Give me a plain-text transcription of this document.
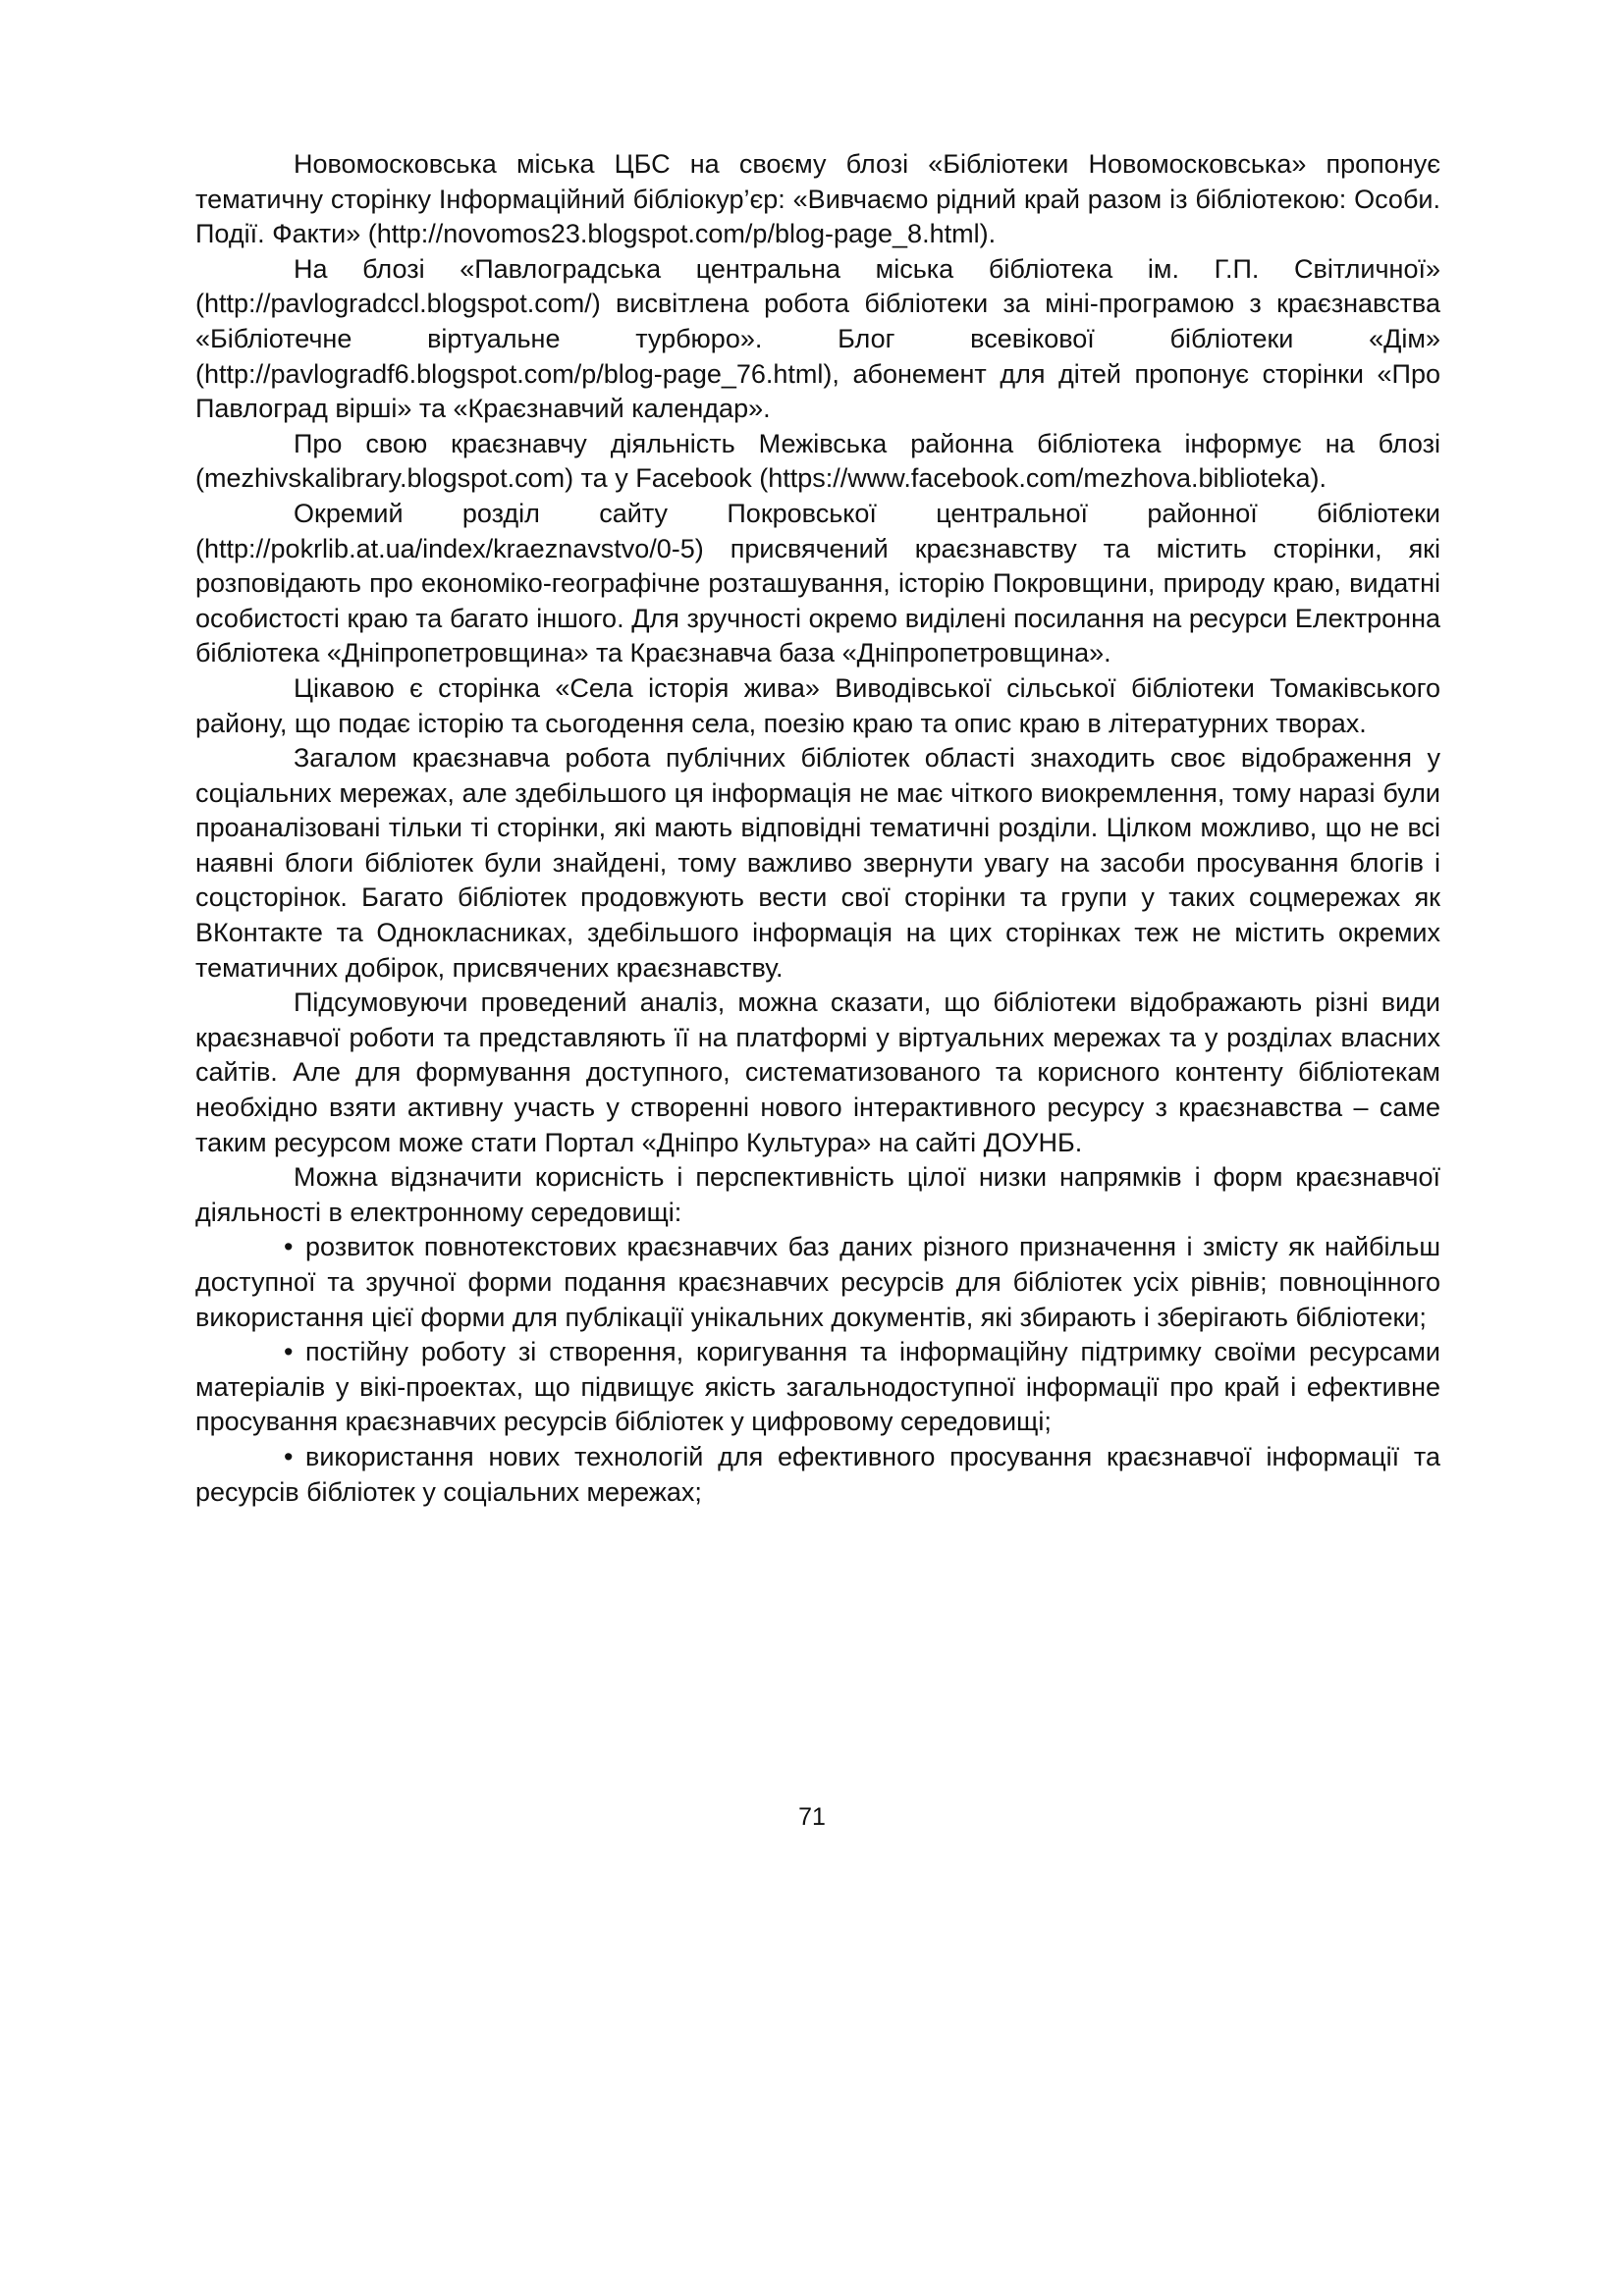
Новомосковська міська ЦБС на своєму блозі «Бібліотеки Новомосковська» пропонує тематичну сторінку Інформаційний бібліокур’єр: «Вивчаємо рідний край разом із бібліотекою: Особи. Події. Факти» (http://novomos23.blogspot.com/p/blog-page_8.html).

На блозі «Павлоградська центральна міська бібліотека ім. Г.П. Світличної» (http://pavlogradccl.blogspot.com/) висвітлена робота бібліотеки за міні-програмою з краєзнавства «Бібліотечне віртуальне турбюро». Блог всевікової бібліотеки «Дім» (http://pavlogradf6.blogspot.com/p/blog-page_76.html), абонемент для дітей пропонує сторінки «Про Павлоград вірші» та «Краєзнавчий календар».

Про свою краєзнавчу діяльність Межівська районна бібліотека інформує на блозі (mezhivskalibrary.blogspot.com) та у Facebook (https://www.facebook.com/mezhova.biblioteka).

Окремий розділ сайту Покровської центральної районної бібліотеки (http://pokrlib.at.ua/index/kraeznavstvo/0-5) присвячений краєзнавству та містить сторінки, які розповідають про економіко-географічне розташування, історію Покровщини, природу краю, видатні особистості краю та багато іншого. Для зручності окремо виділені посилання на ресурси Електронна бібліотека «Дніпропетровщина» та Краєзнавча база «Дніпропетровщина».

Цікавою є сторінка «Села історія жива» Виводівської сільської бібліотеки Томаківського району, що подає історію та сьогодення села, поезію краю та опис краю в літературних творах.

Загалом краєзнавча робота публічних бібліотек області знаходить своє відображення у соціальних мережах, але здебільшого ця інформація не має чіткого виокремлення, тому наразі були проаналізовані тільки ті сторінки, які мають відповідні тематичні розділи. Цілком можливо, що не всі наявні блоги бібліотек були знайдені, тому важливо звернути увагу на засоби просування блогів і соцсторінок. Багато бібліотек продовжують вести свої сторінки та групи у таких соцмережах як ВКонтакте та Однокласниках, здебільшого інформація на цих сторінках теж не містить окремих тематичних добірок, присвячених краєзнавству.

Підсумовуючи проведений аналіз, можна сказати, що бібліотеки відображають різні види краєзнавчої роботи та представляють її на платформі у віртуальних мережах та у розділах власних сайтів. Але для формування доступного, систематизованого та корисного контенту бібліотекам необхідно взяти активну участь у створенні нового інтерактивного ресурсу з краєзнавства – саме таким ресурсом може стати Портал «Дніпро Культура» на сайті ДОУНБ.

Можна відзначити корисність і перспективність цілої низки напрямків і форм краєзнавчої діяльності в електронному середовищі:

• розвиток повнотекстових краєзнавчих баз даних різного призначення і змісту як найбільш доступної та зручної форми подання краєзнавчих ресурсів для бібліотек усіх рівнів; повноцінного використання цієї форми для публікації унікальних документів, які збирають і зберігають бібліотеки;

• постійну роботу зі створення, коригування та інформаційну підтримку своїми ресурсами матеріалів у вікі-проектах, що підвищує якість загальнодоступної інформації про край і ефективне просування краєзнавчих ресурсів бібліотек у цифровому середовищі;

• використання нових технологій для ефективного просування краєзнавчої інформації та ресурсів бібліотек у соціальних мережах;

71
